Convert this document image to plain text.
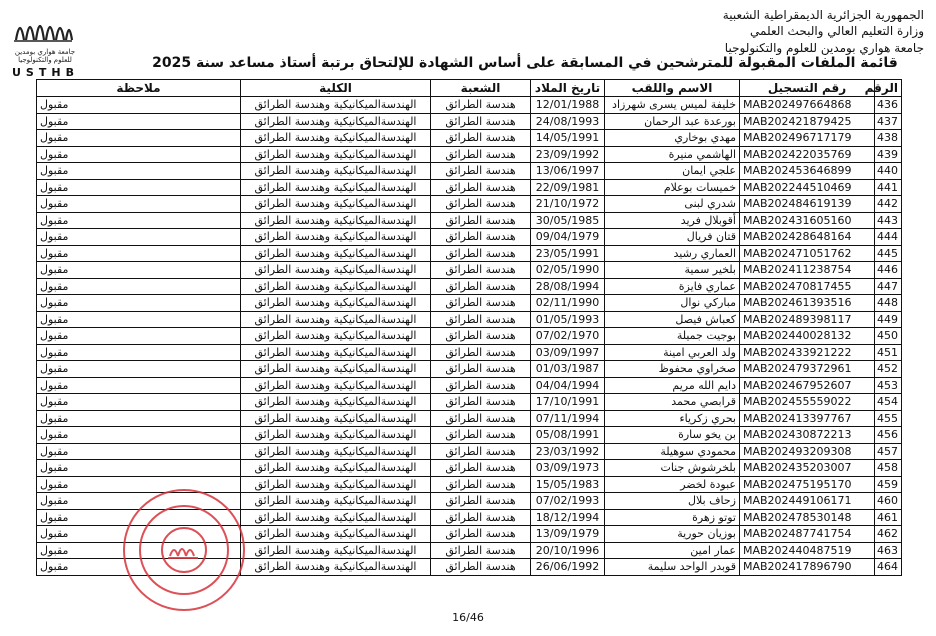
جامعة هواري بومدين
للعلوم والتكنولوجيا
USTHB
الجمهورية الجزائرية الديمقراطية الشعبية
وزارة التعليم العالي والبحث العلمي
جامعة هواري بومدين للعلوم والتكنولوجيا
قائمة الملفات المقبولة للمترشحين في المسابقة على أساس الشهادة للإلتحاق برتبة أستاذ مساعد سنة 2025
الرقم	رقم التسجيل	الاسم واللقب	تاريخ الملاد	الشعبة	الكلية	ملاحظة
436	MAB202497664868	خليفة لميس يسرى شهرزاد	12/01/1988	هندسة الطرائق	الهندسةالميكانيكية وهندسة الطرائق	مقبول
437	MAB202421879425	بورعدة عبد الرحمان	24/08/1993	هندسة الطرائق	الهندسةالميكانيكية وهندسة الطرائق	مقبول
438	MAB202496717179	مهدي بوخاري	14/05/1991	هندسة الطرائق	الهندسةالميكانيكية وهندسة الطرائق	مقبول
439	MAB202422035769	الهاشمي منيرة	23/09/1992	هندسة الطرائق	الهندسةالميكانيكية وهندسة الطرائق	مقبول
440	MAB202453646899	علجي ايمان	13/06/1997	هندسة الطرائق	الهندسةالميكانيكية وهندسة الطرائق	مقبول
441	MAB202244510469	خميسات بوعلام	22/09/1981	هندسة الطرائق	الهندسةالميكانيكية وهندسة الطرائق	مقبول
442	MAB202484619139	شدري لبنى	21/10/1972	هندسة الطرائق	الهندسةالميكانيكية وهندسة الطرائق	مقبول
443	MAB202431605160	أقوبلال فريد	30/05/1985	هندسة الطرائق	الهندسةالميكانيكية وهندسة الطرائق	مقبول
444	MAB202428648164	قتان فريال	09/04/1979	هندسة الطرائق	الهندسةالميكانيكية وهندسة الطرائق	مقبول
445	MAB202471051762	العماري رشيد	23/05/1991	هندسة الطرائق	الهندسةالميكانيكية وهندسة الطرائق	مقبول
446	MAB202411238754	بلخير سمية	02/05/1990	هندسة الطرائق	الهندسةالميكانيكية وهندسة الطرائق	مقبول
447	MAB202470817455	عماري فايزة	28/08/1994	هندسة الطرائق	الهندسةالميكانيكية وهندسة الطرائق	مقبول
448	MAB202461393516	مباركي نوال	02/11/1990	هندسة الطرائق	الهندسةالميكانيكية وهندسة الطرائق	مقبول
449	MAB202489398117	كعباش فيصل	01/05/1993	هندسة الطرائق	الهندسةالميكانيكية وهندسة الطرائق	مقبول
450	MAB202440028132	بوجيت جميلة	07/02/1970	هندسة الطرائق	الهندسةالميكانيكية وهندسة الطرائق	مقبول
451	MAB202433921222	ولد العربي امينة	03/09/1997	هندسة الطرائق	الهندسةالميكانيكية وهندسة الطرائق	مقبول
452	MAB202479372961	صخراوي محفوظ	01/03/1987	هندسة الطرائق	الهندسةالميكانيكية وهندسة الطرائق	مقبول
453	MAB202467952607	دايم الله مريم	04/04/1994	هندسة الطرائق	الهندسةالميكانيكية وهندسة الطرائق	مقبول
454	MAB202455559022	قرابصي محمد	17/10/1991	هندسة الطرائق	الهندسةالميكانيكية وهندسة الطرائق	مقبول
455	MAB202413397767	بحري زكرياء	07/11/1994	هندسة الطرائق	الهندسةالميكانيكية وهندسة الطرائق	مقبول
456	MAB202430872213	بن يخو سارة	05/08/1991	هندسة الطرائق	الهندسةالميكانيكية وهندسة الطرائق	مقبول
457	MAB202493209308	محمودي سوهيلة	23/03/1992	هندسة الطرائق	الهندسةالميكانيكية وهندسة الطرائق	مقبول
458	MAB202435203007	بلخرشوش جنات	03/09/1973	هندسة الطرائق	الهندسةالميكانيكية وهندسة الطرائق	مقبول
459	MAB202475195170	عبودة لخضر	15/05/1983	هندسة الطرائق	الهندسةالميكانيكية وهندسة الطرائق	مقبول
460	MAB202449106171	زحاف بلال	07/02/1993	هندسة الطرائق	الهندسةالميكانيكية وهندسة الطرائق	مقبول
461	MAB202478530148	توتو زهرة	18/12/1994	هندسة الطرائق	الهندسةالميكانيكية وهندسة الطرائق	مقبول
462	MAB202487741754	بوزيان حورية	13/09/1979	هندسة الطرائق	الهندسةالميكانيكية وهندسة الطرائق	مقبول
463	MAB202440487519	عمار امين	20/10/1996	هندسة الطرائق	الهندسةالميكانيكية وهندسة الطرائق	مقبول
464	MAB202417896790	قوبدر الواحد سليمة	26/06/1992	هندسة الطرائق	الهندسةالميكانيكية وهندسة الطرائق	مقبول
16/46
